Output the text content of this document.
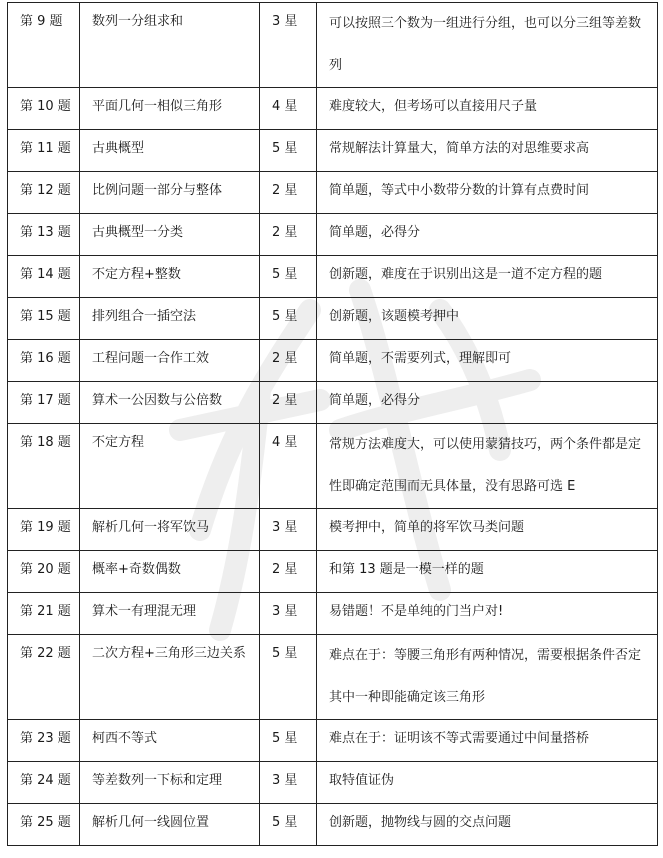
第 9 题	数列一分组求和	3 星	可以按照三个数为一组进行分组，也可以分三组等差数列
第 10 题	平面几何一相似三角形	4 星	难度较大，但考场可以直接用尺子量
第 11 题	古典概型	5 星	常规解法计算量大，简单方法的对思维要求高
第 12 题	比例问题一部分与整体	2 星	简单题，等式中小数带分数的计算有点费时间
第 13 题	古典概型一分类	2 星	简单题，必得分
第 14 题	不定方程+整数	5 星	创新题，难度在于识别出这是一道不定方程的题
第 15 题	排列组合一插空法	5 星	创新题，该题模考押中
第 16 题	工程问题一合作工效	2 星	简单题，不需要列式，理解即可
第 17 题	算术一公因数与公倍数	2 星	简单题，必得分
第 18 题	不定方程	4 星	常规方法难度大，可以使用蒙猜技巧，两个条件都是定性即确定范围而无具体量，没有思路可选 E
第 19 题	解析几何一将军饮马	3 星	模考押中，简单的将军饮马类问题
第 20 题	概率+奇数偶数	2 星	和第 13 题是一模一样的题
第 21 题	算术一有理混无理	3 星	易错题！不是单纯的门当户对!
第 22 题	二次方程+三角形三边关系	5 星	难点在于：等腰三角形有两种情况，需要根据条件否定其中一种即能确定该三角形
第 23 题	柯西不等式	5 星	难点在于：证明该不等式需要通过中间量搭桥
第 24 题	等差数列一下标和定理	3 星	取特值证伪
第 25 题	解析几何一线圆位置	5 星	创新题，抛物线与圆的交点问题
